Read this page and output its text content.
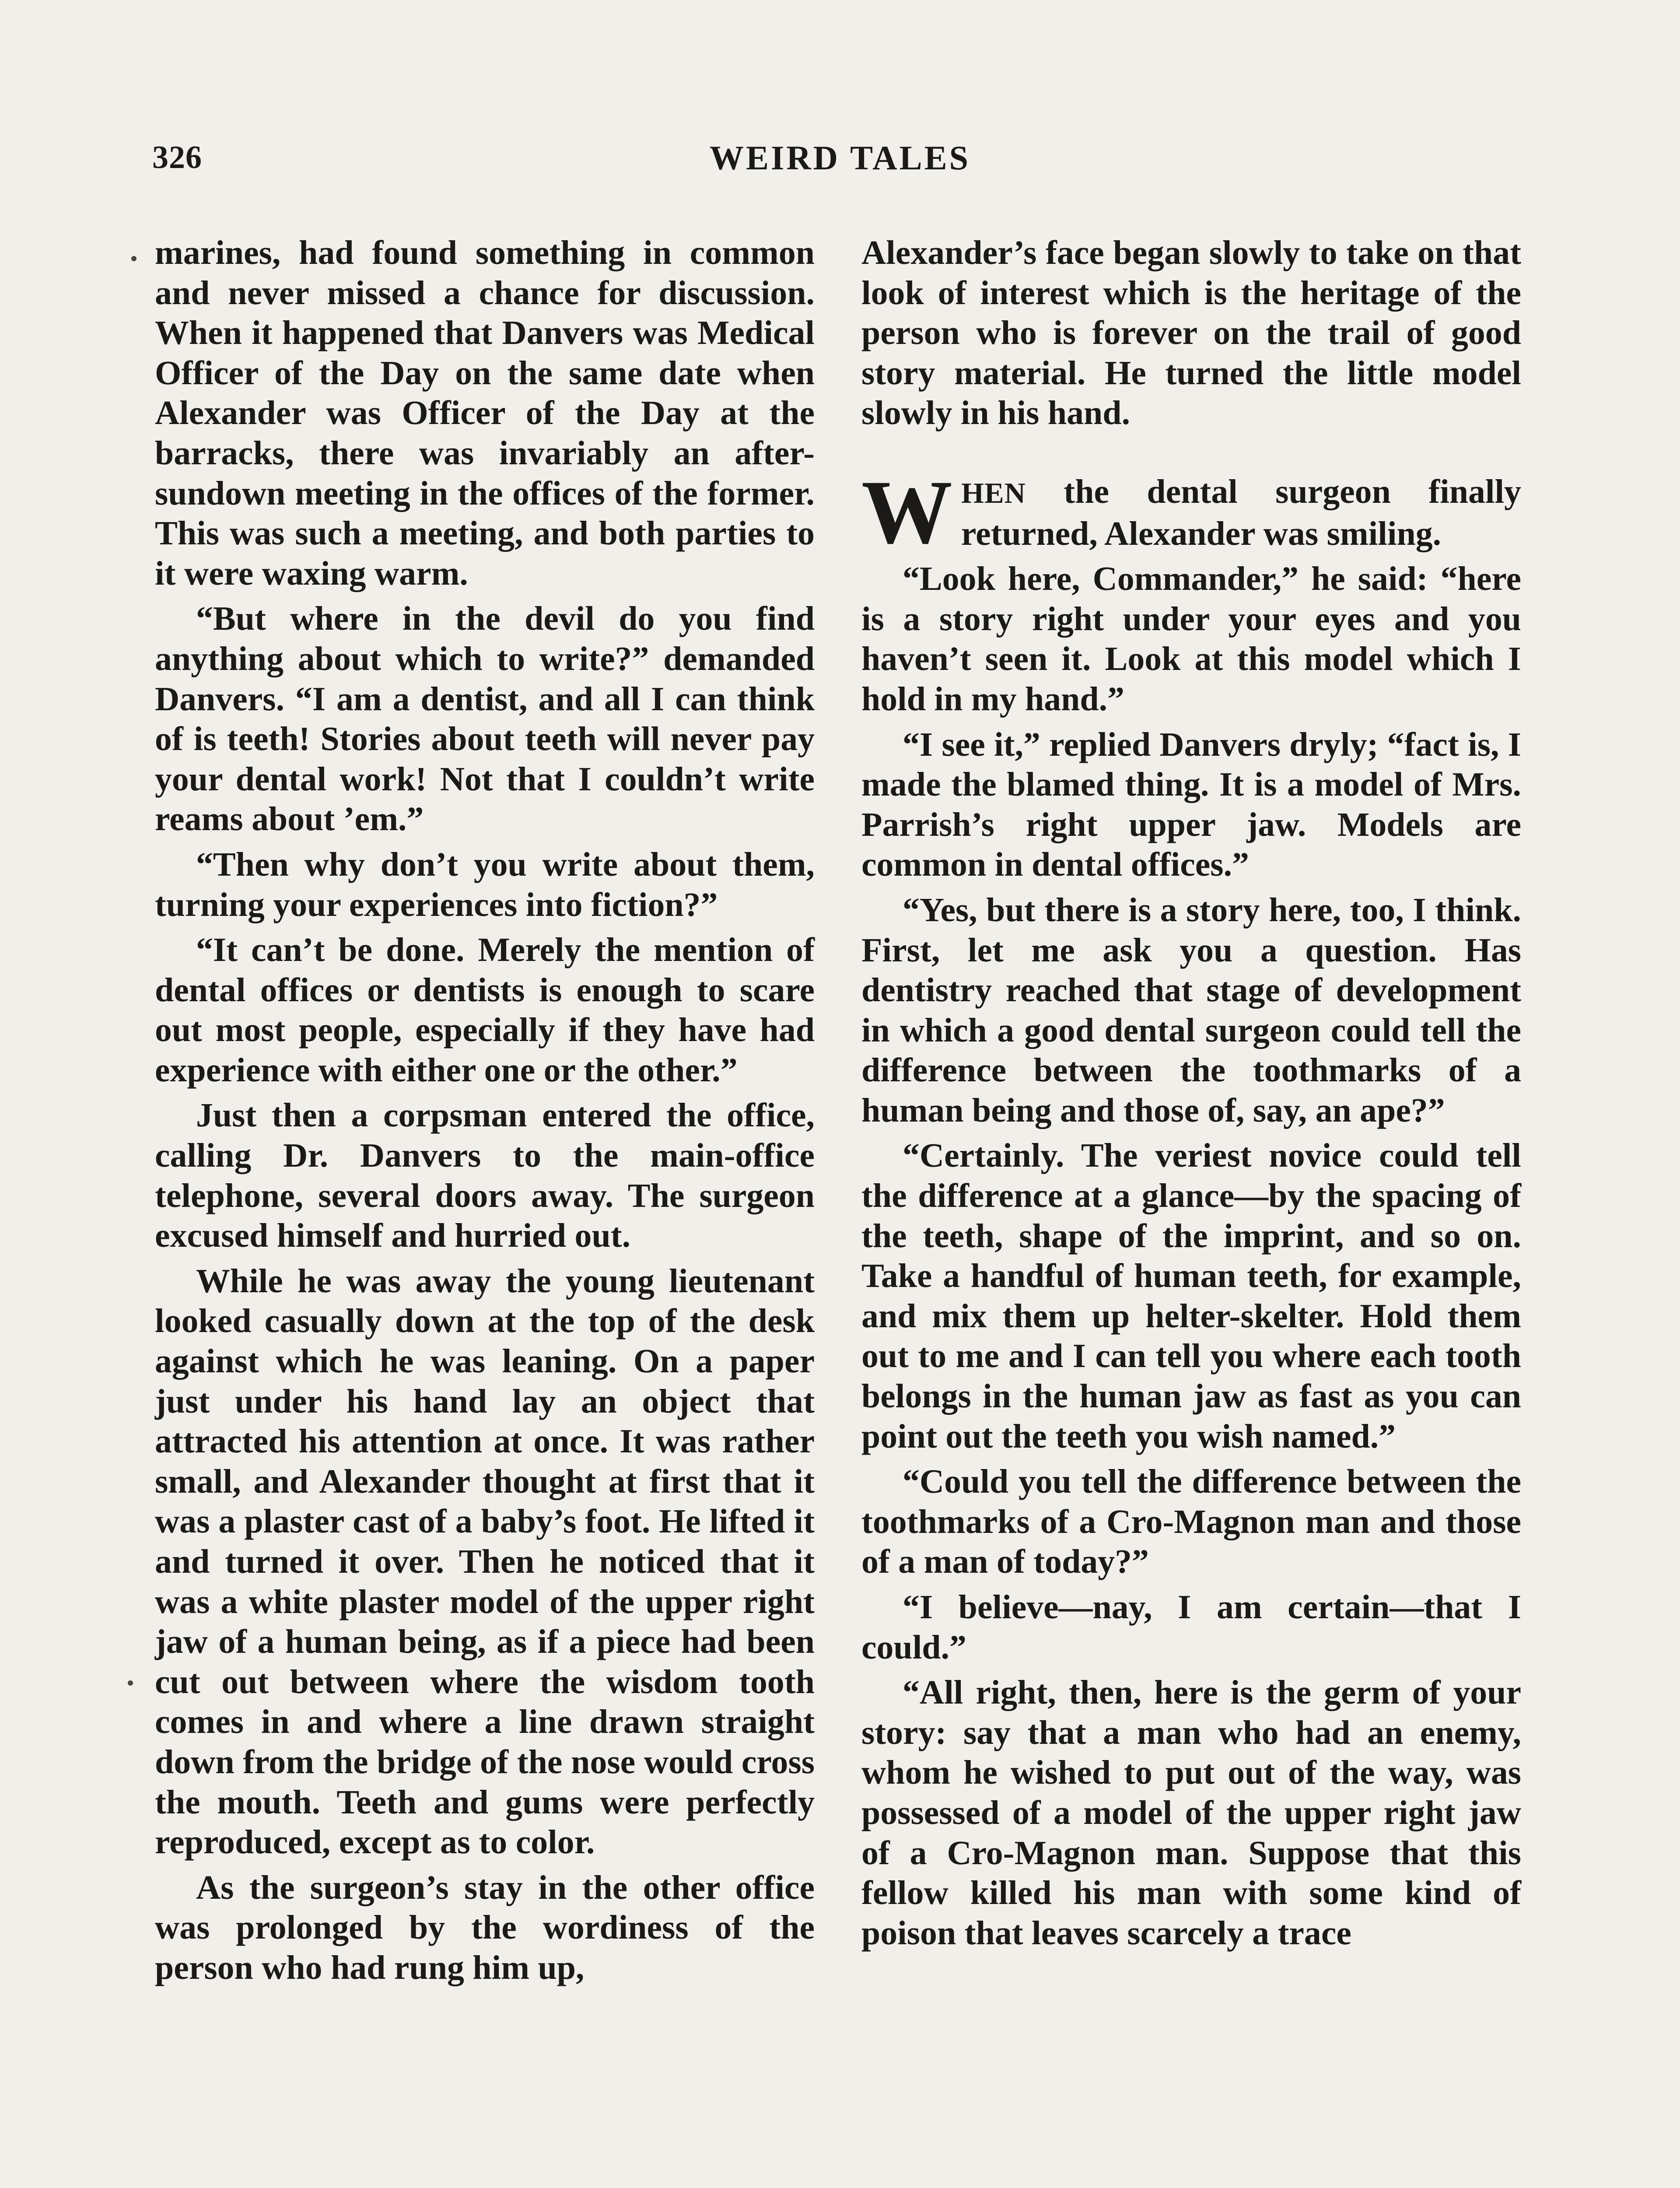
326	WEIRD TALES

marines, had found something in common and never missed a chance for discussion. When it happened that Danvers was Medical Officer of the Day on the same date when Alexander was Officer of the Day at the barracks, there was invariably an after-sundown meeting in the offices of the former. This was such a meeting, and both parties to it were waxing warm.

“But where in the devil do you find anything about which to write?” demanded Danvers. “I am a dentist, and all I can think of is teeth! Stories about teeth will never pay your dental work! Not that I couldn’t write reams about ’em.”

“Then why don’t you write about them, turning your experiences into fiction?”

“It can’t be done. Merely the mention of dental offices or dentists is enough to scare out most people, especially if they have had experience with either one or the other.”

Just then a corpsman entered the office, calling Dr. Danvers to the main-office telephone, several doors away. The surgeon excused himself and hurried out.

While he was away the young lieutenant looked casually down at the top of the desk against which he was leaning. On a paper just under his hand lay an object that attracted his attention at once. It was rather small, and Alexander thought at first that it was a plaster cast of a baby’s foot. He lifted it and turned it over. Then he noticed that it was a white plaster model of the upper right jaw of a human being, as if a piece had been cut out between where the wisdom tooth comes in and where a line drawn straight down from the bridge of the nose would cross the mouth. Teeth and gums were perfectly reproduced, except as to color.

As the surgeon’s stay in the other office was prolonged by the wordiness of the person who had rung him up,

Alexander’s face began slowly to take on that look of interest which is the heritage of the person who is forever on the trail of good story material. He turned the little model slowly in his hand.

WHEN the dental surgeon finally returned, Alexander was smiling.

“Look here, Commander,” he said: “here is a story right under your eyes and you haven’t seen it. Look at this model which I hold in my hand.”

“I see it,” replied Danvers dryly; “fact is, I made the blamed thing. It is a model of Mrs. Parrish’s right upper jaw. Models are common in dental offices.”

“Yes, but there is a story here, too, I think. First, let me ask you a question. Has dentistry reached that stage of development in which a good dental surgeon could tell the difference between the toothmarks of a human being and those of, say, an ape?”

“Certainly. The veriest novice could tell the difference at a glance—by the spacing of the teeth, shape of the imprint, and so on. Take a handful of human teeth, for example, and mix them up helter-skelter. Hold them out to me and I can tell you where each tooth belongs in the human jaw as fast as you can point out the teeth you wish named.”

“Could you tell the difference between the toothmarks of a Cro-Magnon man and those of a man of today?”

“I believe—nay, I am certain—that I could.”

“All right, then, here is the germ of your story: say that a man who had an enemy, whom he wished to put out of the way, was possessed of a model of the upper right jaw of a Cro-Magnon man. Suppose that this fellow killed his man with some kind of poison that leaves scarcely a trace
